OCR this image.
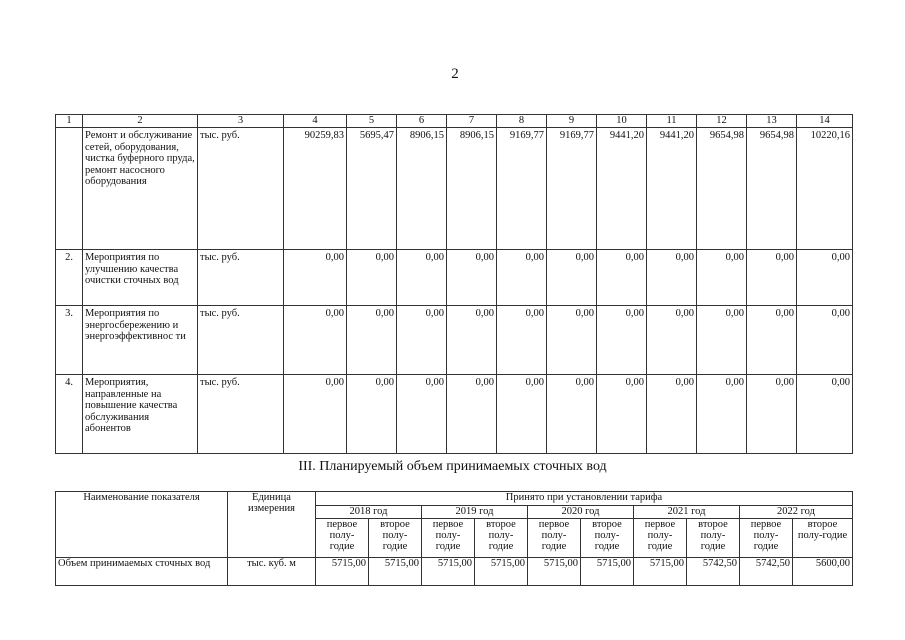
2
1	2	3	4	5	6	7	8	9	10	11	12	13	14
	Ремонт и обслуживание сетей, оборудования, чистка буферного пруда, ремонт насосного оборудования	тыс. руб.	90259,83	5695,47	8906,15	8906,15	9169,77	9169,77	9441,20	9441,20	9654,98	9654,98	10220,16
2.	Мероприятия по улучшению качества очистки сточных вод	тыс. руб.	0,00	0,00	0,00	0,00	0,00	0,00	0,00	0,00	0,00	0,00	0,00
3.	Мероприятия по энергосбережению и энергоэффективнос ти	тыс. руб.	0,00	0,00	0,00	0,00	0,00	0,00	0,00	0,00	0,00	0,00	0,00
4.	Мероприятия, направленные на повышение качества обслуживания абонентов	тыс. руб.	0,00	0,00	0,00	0,00	0,00	0,00	0,00	0,00	0,00	0,00	0,00
III. Планируемый объем принимаемых сточных вод
Наименование показателя	Единица измерения	Принято при установлении тарифа									
		2018 год		2019 год		2020 год		2021 год		2022 год	
		первое полу-годие	второе полу-годие	первое полу-годие	второе полу-годие	первое полу-годие	второе полу-годие	первое полу-годие	второе полу-годие	первое полу-годие	второе полу-годие
Объем принимаемых сточных вод	тыс. куб. м	5715,00	5715,00	5715,00	5715,00	5715,00	5715,00	5715,00	5742,50	5742,50	5600,00
